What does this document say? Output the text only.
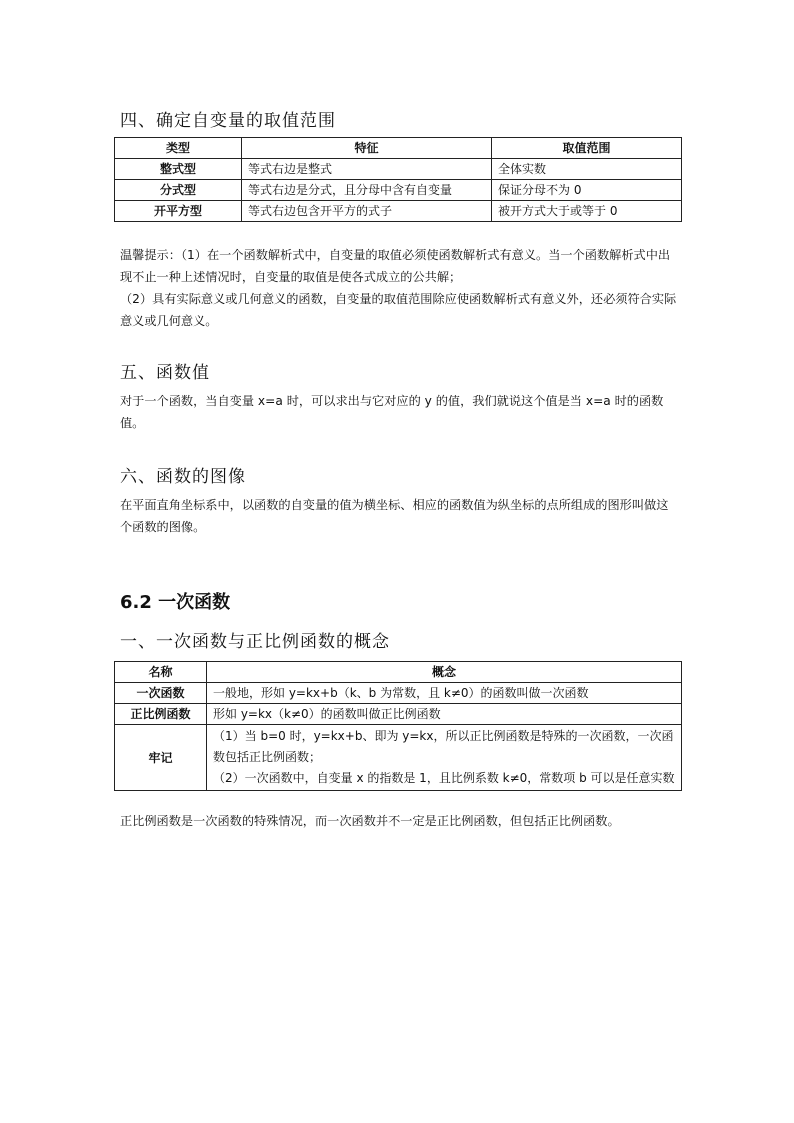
四、确定自变量的取值范围
类型	特征	取值范围
整式型	等式右边是整式	全体实数
分式型	等式右边是分式，且分母中含有自变量	保证分母不为 0
开平方型	等式右边包含开平方的式子	被开方式大于或等于 0

温馨提示：（1）在一个函数解析式中，自变量的取值必须使函数解析式有意义。当一个函数解析式中出现不止一种上述情况时，自变量的取值是使各式成立的公共解；

（2）具有实际意义或几何意义的函数，自变量的取值范围除应使函数解析式有意义外，还必须符合实际意义或几何意义。

五、函数值
对于一个函数，当自变量 x=a 时，可以求出与它对应的 y 的值，我们就说这个值是当 x=a 时的函数值。
六、函数的图像
在平面直角坐标系中，以函数的自变量的值为横坐标、相应的函数值为纵坐标的点所组成的图形叫做这个函数的图像。
6.2 一次函数
一、一次函数与正比例函数的概念
名称	概念
一次函数	一般地，形如 y=kx+b（k、b 为常数，且 k≠0）的函数叫做一次函数
正比例函数	形如 y=kx（k≠0）的函数叫做正比例函数
牢记	（1）当 b=0 时，y=kx+b、即为 y=kx，所以正比例函数是特殊的一次函数，一次函数包括正比例函数；
（2）一次函数中，自变量 x 的指数是 1，且比例系数 k≠0，常数项 b 可以是任意实数
正比例函数是一次函数的特殊情况，而一次函数并不一定是正比例函数，但包括正比例函数。
